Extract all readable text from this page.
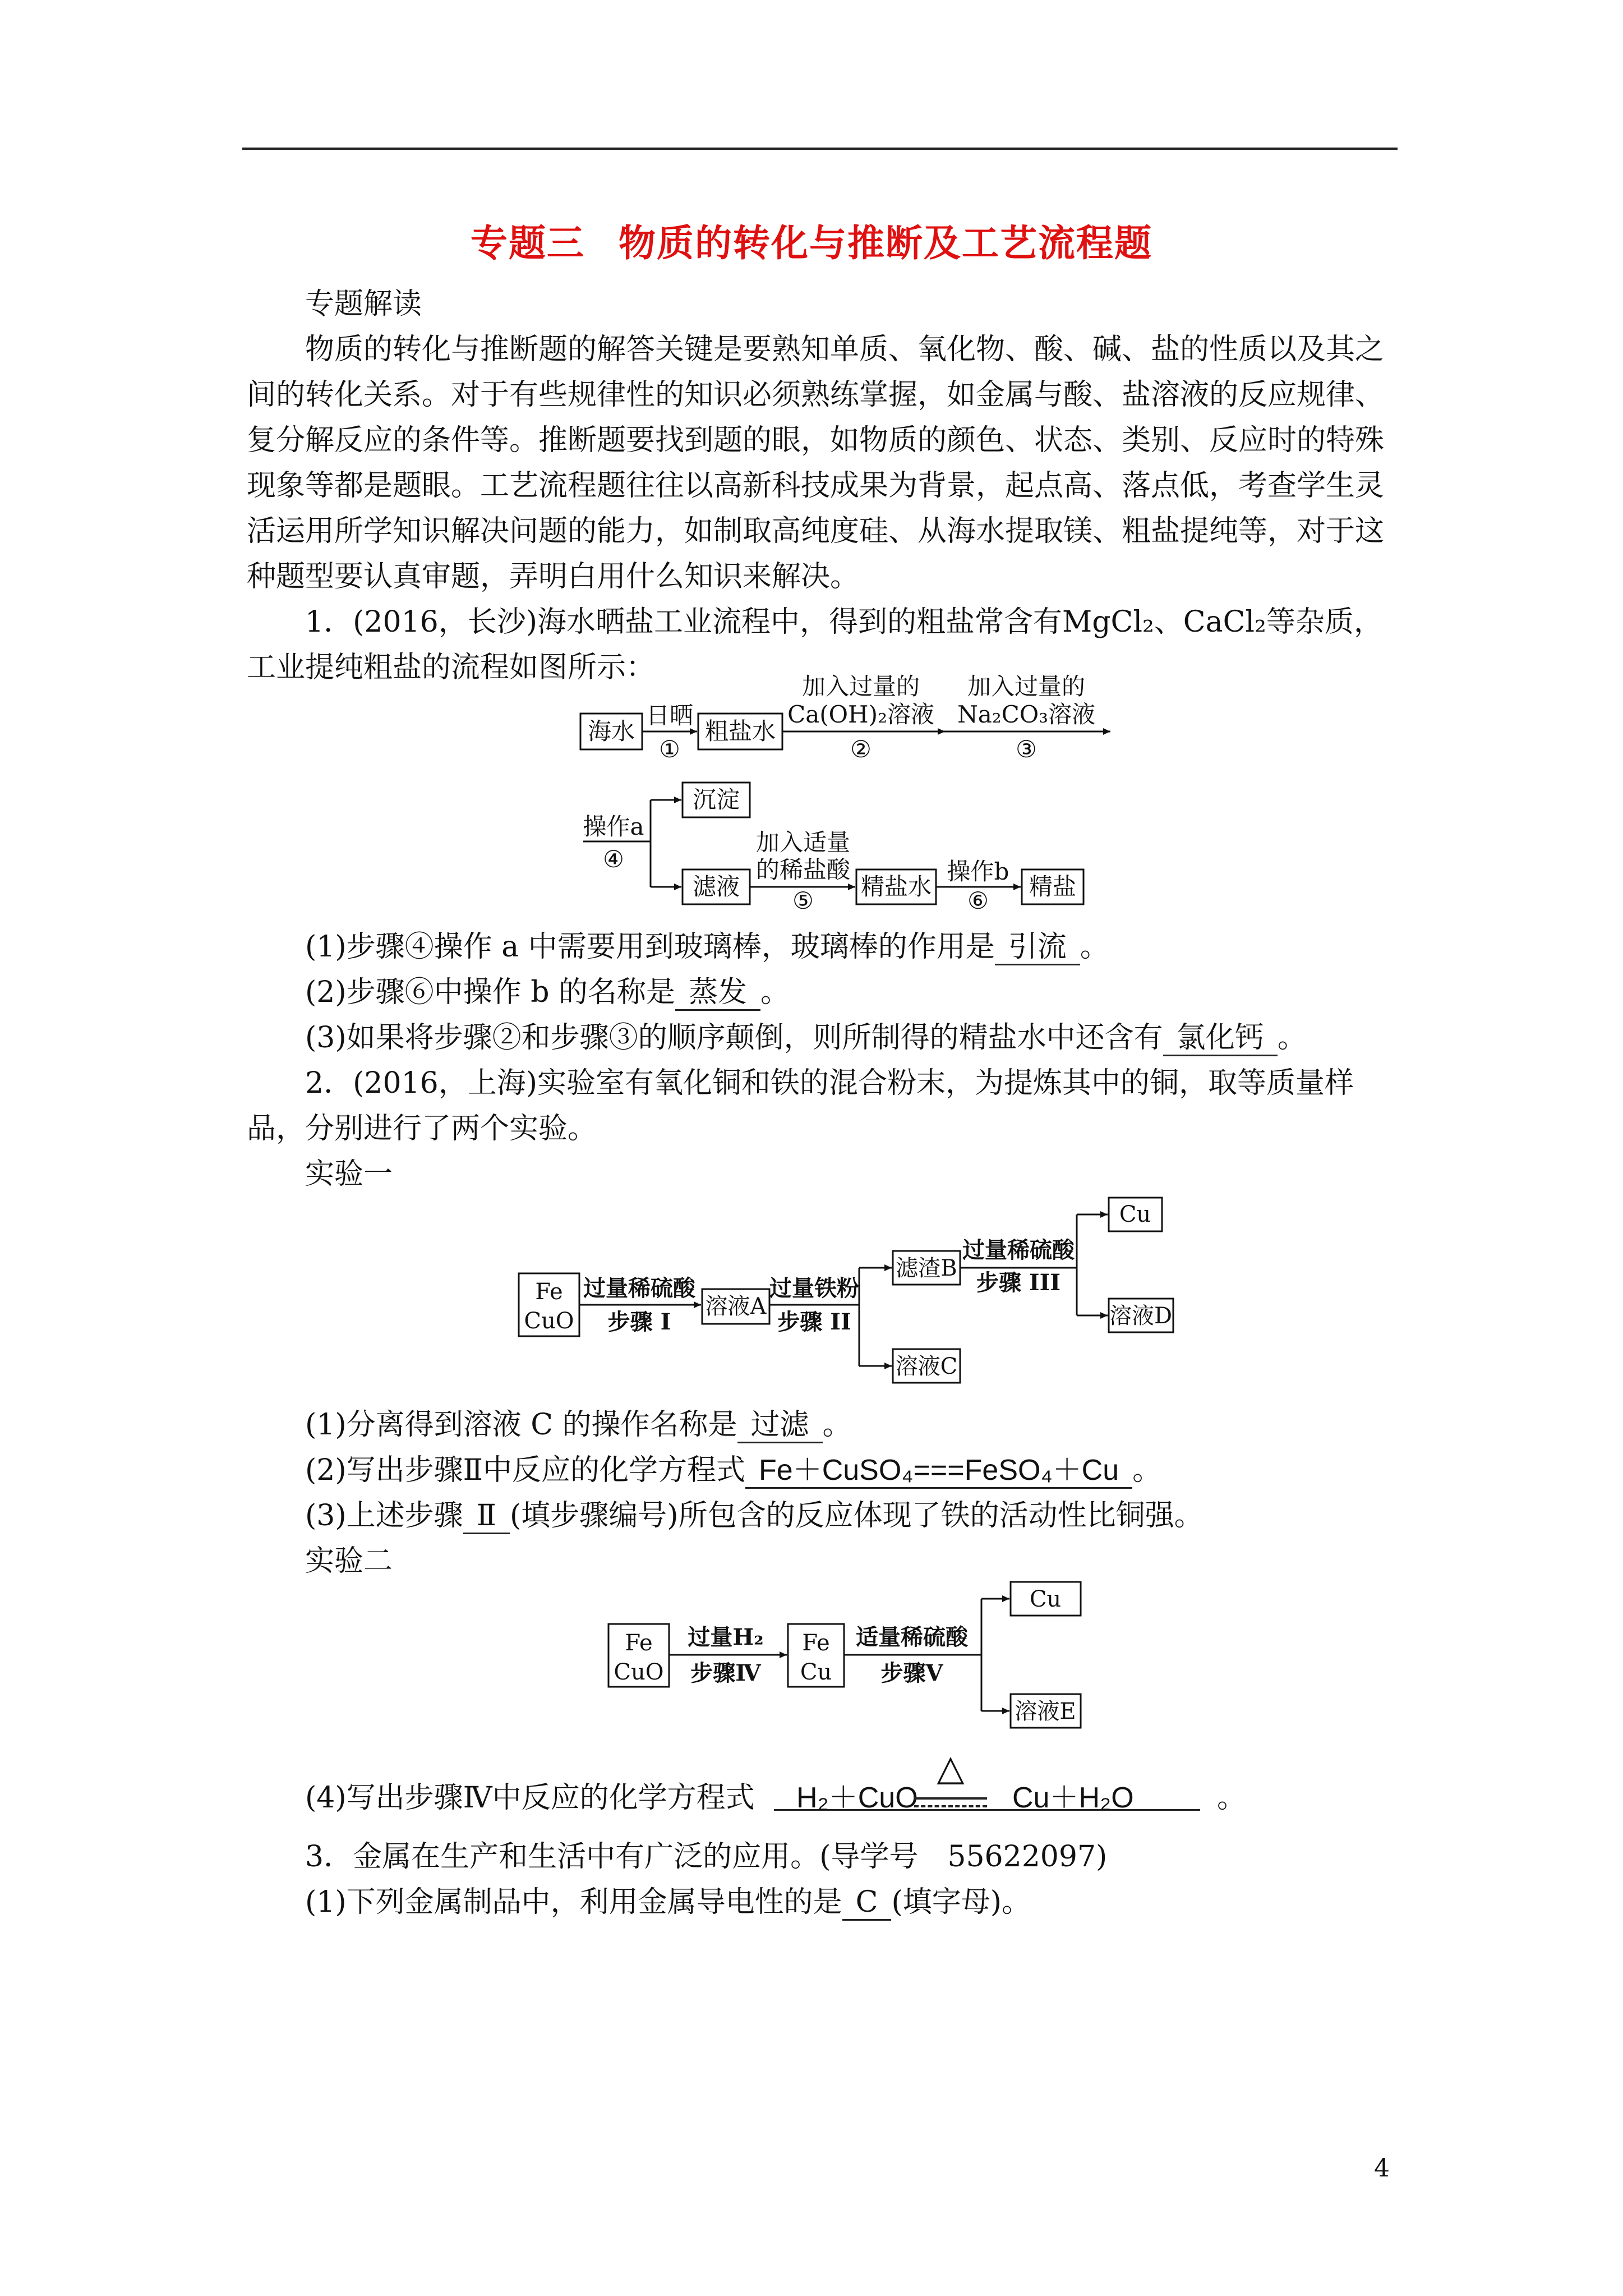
专题三 物质的转化与推断及工艺流程题

专题解读

物质的转化与推断题的解答关键是要熟知单质、氧化物、酸、碱、盐的性质以及其之间的转化关系。对于有些规律性的知识必须熟练掌握，如金属与酸、盐溶液的反应规律、复分解反应的条件等。推断题要找到题的眼，如物质的颜色、状态、类别、反应时的特殊现象等都是题眼。工艺流程题往往以高新科技成果为背景，起点高、落点低，考查学生灵活运用所学知识解决问题的能力，如制取高纯度硅、从海水提取镁、粗盐提纯等，对于这种题型要认真审题，弄明白用什么知识来解决。

1．(2016，长沙)海水晒盐工业流程中，得到的粗盐常含有MgCl₂、CaCl₂等杂质，工业提纯粗盐的流程如图所示：

海水
日晒
①
粗盐水
加入过量的
Ca(OH)₂溶液
②
加入过量的
Na₂CO₃溶液
③
操作a
④
沉淀
滤液
加入适量
的稀盐酸
⑤
精盐水
操作b
⑥
精盐

(1)步骤④操作 a 中需要用到玻璃棒，玻璃棒的作用是 引流 。

(2)步骤⑥中操作 b 的名称是 蒸发 。

(3)如果将步骤②和步骤③的顺序颠倒，则所制得的精盐水中还含有 氯化钙 。

2．(2016，上海)实验室有氧化铜和铁的混合粉末，为提炼其中的铜，取等质量样品，分别进行了两个实验。

实验一

Fe
CuO
过量稀硫酸
步骤 I
溶液A
过量铁粉
步骤 II
滤渣B
溶液C
过量稀硫酸
步骤 III
Cu
溶液D

(1)分离得到溶液 C 的操作名称是 过滤 。

(2)写出步骤Ⅱ中反应的化学方程式 Fe＋CuSO₄===FeSO₄＋Cu 。

(3)上述步骤 Ⅱ (填步骤编号)所包含的反应体现了铁的活动性比铜强。

实验二

Fe
CuO
过量H₂
步骤Ⅳ
Fe
Cu
适量稀硫酸
步骤Ⅴ
Cu
溶液E
(4)写出步骤Ⅳ中反应的化学方程式 H₂＋CuO
△
Cu＋H₂O	。

3．金属在生产和生活中有广泛的应用。(导学号　55622097)

(1)下列金属制品中，利用金属导电性的是 C (填字母)。

4
